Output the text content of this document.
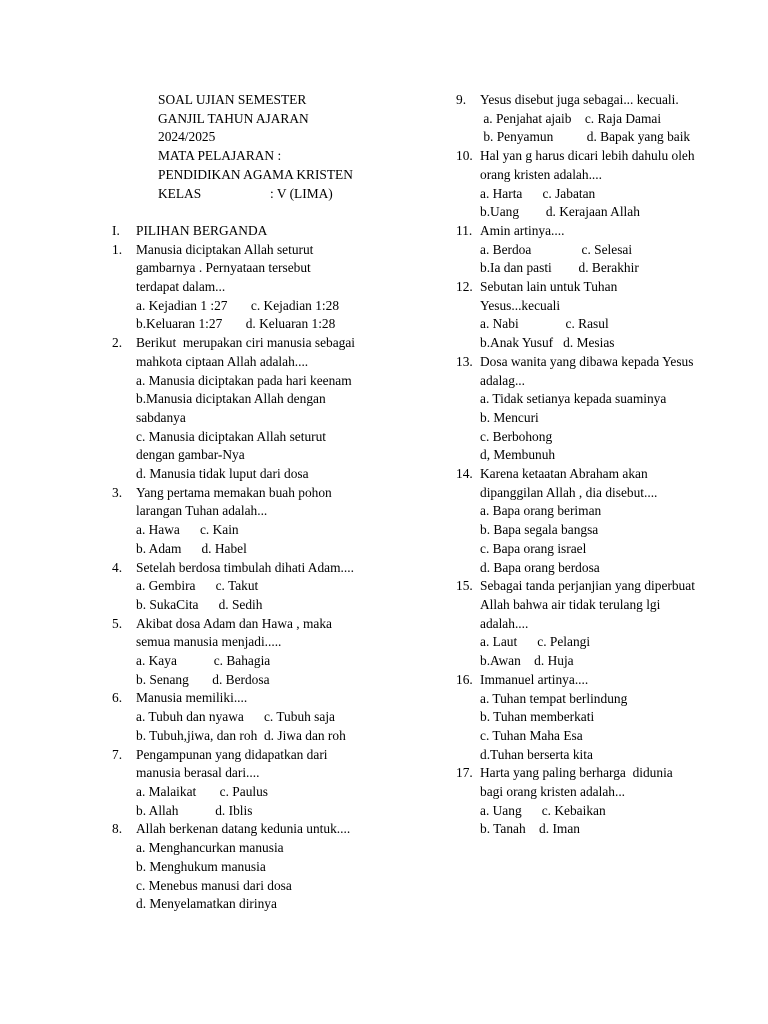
SOAL UJIAN SEMESTER
GANJIL TAHUN AJARAN
2024/2025
MATA PELAJARAN :
PENDIDIKAN AGAMA KRISTEN
KELAS	: V (LIMA)
I.	PILIHAN BERGANDA
1.	Manusia diciptakan Allah seturut
gambarnya . Pernyataan tersebut
terdapat dalam...
a. Kejadian 1 :27       c. Kejadian 1:28
b.Keluaran 1:27       d. Keluaran 1:28
2.	Berikut  merupakan ciri manusia sebagai
mahkota ciptaan Allah adalah....
a. Manusia diciptakan pada hari keenam
b.Manusia diciptakan Allah dengan
sabdanya
c. Manusia diciptakan Allah seturut
dengan gambar-Nya
d. Manusia tidak luput dari dosa
3.	Yang pertama memakan buah pohon
larangan Tuhan adalah...
a. Hawa      c. Kain
b. Adam      d. Habel
4.	Setelah berdosa timbulah dihati Adam....
a. Gembira      c. Takut
b. SukaCita      d. Sedih
5.	Akibat dosa Adam dan Hawa , maka
semua manusia menjadi.....
a. Kaya           c. Bahagia
b. Senang       d. Berdosa
6.	Manusia memiliki....
a. Tubuh dan nyawa      c. Tubuh saja
b. Tubuh,jiwa, dan roh  d. Jiwa dan roh
7.	Pengampunan yang didapatkan dari
manusia berasal dari....
a. Malaikat       c. Paulus
b. Allah           d. Iblis
8.	Allah berkenan datang kedunia untuk....
a. Menghancurkan manusia
b. Menghukum manusia
c. Menebus manusi dari dosa
d. Menyelamatkan dirinya
9.	Yesus disebut juga sebagai... kecuali.
a. Penjahat ajaib    c. Raja Damai
b. Penyamun          d. Bapak yang baik
10. Hal yan g harus dicari lebih dahulu oleh
orang kristen adalah....
a. Harta      c. Jabatan
b.Uang        d. Kerajaan Allah
11. Amin artinya....
a. Berdoa               c. Selesai
b.Ia dan pasti        d. Berakhir
12. Sebutan lain untuk Tuhan
Yesus...kecuali
a. Nabi              c. Rasul
b.Anak Yusuf   d. Mesias
13. Dosa wanita yang dibawa kepada Yesus
adalag...
a. Tidak setianya kepada suaminya
b. Mencuri
c. Berbohong
d, Membunuh
14. Karena ketaatan Abraham akan
dipanggilan Allah , dia disebut....
a. Bapa orang beriman
b. Bapa segala bangsa
c. Bapa orang israel
d. Bapa orang berdosa
15. Sebagai tanda perjanjian yang diperbuat
Allah bahwa air tidak terulang lgi
adalah....
a. Laut      c. Pelangi
b.Awan    d. Huja
16. Immanuel artinya....
a. Tuhan tempat berlindung
b. Tuhan memberkati
c. Tuhan Maha Esa
d.Tuhan berserta kita
17. Harta yang paling berharga  didunia
bagi orang kristen adalah...
a. Uang      c. Kebaikan
b. Tanah    d. Iman
